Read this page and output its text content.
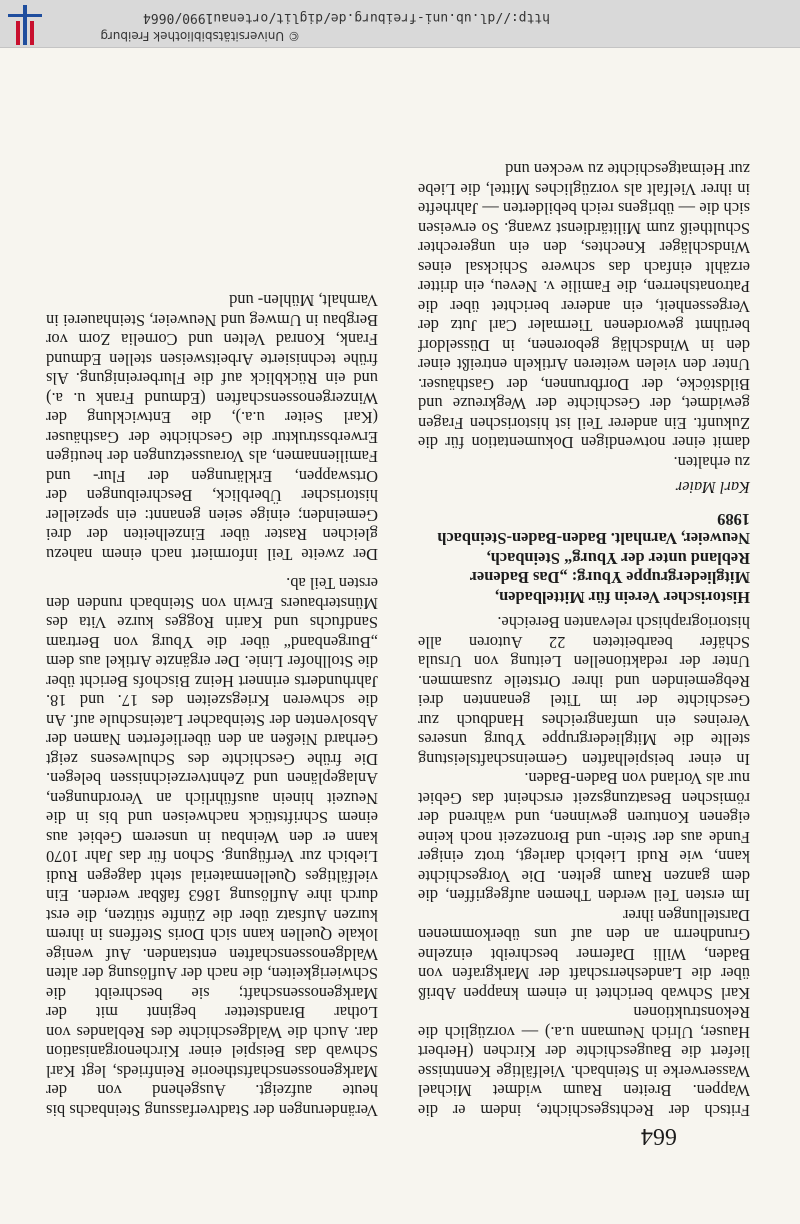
664

Fritsch der Rechtsgeschichte, indem er die Wappen. Breiten Raum widmet Michael Wasserwerke in Steinbach. Vielfältige Kenntnisse liefert die Baugeschichte der Kirchen (Herbert Hauser, Ulrich Neumann u.a.) — vorzüglich die Rekonstruktionen

Karl Schwab berichtet in einem knappen Abriß über die Landesherrschaft der Markgrafen von Baden, Willi Daferner beschreibt einzelne Grundherrn an den auf uns überkommenen Darstellungen ihrer

Im ersten Teil werden Themen aufgegriffen, die dem ganzen Raum gelten. Die Vorgeschichte kann, wie Rudi Liebich darlegt, trotz einiger Funde aus der Stein- und Bronzezeit noch keine eigenen Konturen gewinnen, und während der römischen Besatzungszeit erscheint das Gebiet nur als Vorland von Baden-Baden.

In einer beispielhaften Gemeinschaftsleistung stellte die Mitgliedergruppe Yburg unseres Vereines ein umfangreiches Handbuch zur Geschichte der im Titel genannten drei Rebgemeinden und ihrer Ortsteile zusammen. Unter der redaktionellen Leitung von Ursula Schäfer bearbeiteten 22 Autoren alle historiographisch relevanten Bereiche.

Historischer Verein für Mittelbaden, Mitgliedergruppe Yburg: „Das Badener Rebland unter der Yburg“ Steinbach, Neuweier, Varnhalt. Baden-Baden-Steinbach 1989

Karl Maier

zu erhalten.

damit einer notwendigen Dokumentation für die Zukunft. Ein anderer Teil ist historischen Fragen gewidmet, der Geschichte der Wegkreuze und Bildstöcke, der Dorfbrunnen, der Gasthäuser. Unter den vielen weiteren Artikeln entreißt einer den in Windschläg geborenen, in Düsseldorf berühmt gewordenen Tiermaler Carl Jutz der Vergessenheit, ein anderer berichtet über die Patronatsherren, die Familie v. Neveu, ein dritter erzählt einfach das schwere Schicksal eines Windschläger Knechtes, den ein ungerechter Schultheiß zum Militärdienst zwang. So erweisen sich die — übrigens reich bebilderten — Jahrhefte in ihrer Vielfalt als vorzügliches Mittel, die Liebe zur Heimatgeschichte zu wecken und

Veränderungen der Stadtverfassung Steinbachs bis heute aufzeigt. Ausgehend von der Markgenossenschaftstheorie Reinfrieds, legt Karl Schwab das Beispiel einer Kirchenorganisation dar. Auch die Waldgeschichte des Reblandes von Lothar Brandstetter beginnt mit der Markgenossenschaft; sie beschreibt die Schwierigkeiten, die nach der Auflösung der alten Waldgenossenschaften entstanden. Auf wenige lokale Quellen kann sich Doris Steffens in ihrem kurzen Aufsatz über die Zünfte stützen, die erst durch ihre Auflösung 1863 faßbar werden. Ein vielfältiges Quellenmaterial steht dagegen Rudi Liebich zur Verfügung. Schon für das Jahr 1070 kann er den Weinbau in unserem Gebiet aus einem Schriftstück nachweisen und bis in die Neuzeit hinein ausführlich an Verordnungen, Anlageplänen und Zehntverzeichnissen belegen. Die frühe Geschichte des Schulwesens zeigt Gerhard Nießen an den überlieferten Namen der Absolventen der Steinbacher Lateinschule auf. An die schweren Kriegszeiten des 17. und 18. Jahrhunderts erinnert Heinz Bischofs Bericht über die Stollhofer Linie. Der ergänzte Artikel aus dem „Burgenband“ über die Yburg von Bertram Sandfuchs und Karin Rogges kurze Vita des Münsterbauers Erwin von Steinbach runden den ersten Teil ab.

Der zweite Teil informiert nach einem nahezu gleichen Raster über Einzelheiten der drei Gemeinden; einige seien genannt: ein spezieller historischer Überblick, Beschreibungen der Ortswappen, Erklärungen der Flur- und Familiennamen, als Voraussetzungen der heutigen Erwerbsstruktur die Geschichte der Gasthäuser (Karl Seiter u.a.), die Entwicklung der Winzergenossenschaften (Edmund Frank u. a.) und ein Rückblick auf die Flurbereinigung. Als frühe technisierte Arbeitsweisen stellen Edmund Frank, Konrad Velten und Cornelia Zorn vor Bergbau in Umweg und Neuweier, Steinhauerei in Varnhalt, Mühlen- und

http://dl.ub.uni-freiburg.de/diglit/ortenau1990/0664
© Universitätsbibliothek Freiburg
